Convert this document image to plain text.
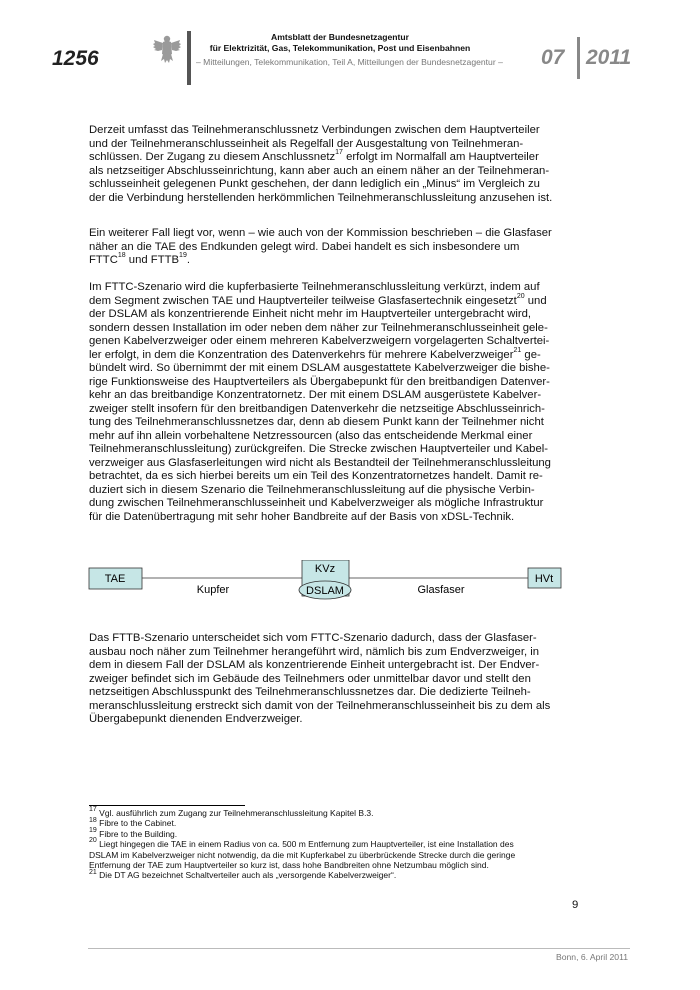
1256
Amtsblatt der Bundesnetzagentur
für Elektrizität, Gas, Telekommunikation, Post und Eisenbahnen
– Mitteilungen, Telekommunikation, Teil A, Mitteilungen der Bundesnetzagentur – 07 2011

Derzeit umfasst das Teilnehmeranschlussnetz Verbindungen zwischen dem Hauptverteiler

und der Teilnehmeranschlusseinheit als Regelfall der Ausgestaltung von Teilnehmeran-

schlüssen. Der Zugang zu diesem Anschlussnetz$^{17}$ erfolgt im Normalfall am Hauptverteiler

als netzseitiger Abschlusseinrichtung, kann aber auch an einem näher an der Teilnehmeran-

schlusseinheit gelegenen Punkt geschehen, der dann lediglich ein „Minus“ im Vergleich zu

der die Verbindung herstellenden herkömmlichen Teilnehmeranschlussleitung anzusehen ist.

Ein weiterer Fall liegt vor, wenn – wie auch von der Kommission beschrieben – die Glasfaser

näher an die TAE des Endkunden gelegt wird. Dabei handelt es sich insbesondere um

FTTC$^{18}$ und FTTB$^{19}$.

Im FTTC-Szenario wird die kupferbasierte Teilnehmeranschlussleitung verkürzt, indem auf

dem Segment zwischen TAE und Hauptverteiler teilweise Glasfasertechnik eingesetzt$^{20}$ und

der DSLAM als konzentrierende Einheit nicht mehr im Hauptverteiler untergebracht wird,

sondern dessen Installation im oder neben dem näher zur Teilnehmeranschlusseinheit gele-

genen Kabelverzweiger oder einem mehreren Kabelverzweigern vorgelagerten Schaltvertei-

ler erfolgt, in dem die Konzentration des Datenverkehrs für mehrere Kabelverzweiger$^{21}$ ge-

bündelt wird. So übernimmt der mit einem DSLAM ausgestattete Kabelverzweiger die bishe-

rige Funktionsweise des Hauptverteilers als Übergabepunkt für den breitbandigen Datenver-

kehr an das breitbandige Konzentratornetz. Der mit einem DSLAM ausgerüstete Kabelver-

zweiger stellt insofern für den breitbandigen Datenverkehr die netzseitige Abschlusseinrich-

tung des Teilnehmeranschlussnetzes dar, denn ab diesem Punkt kann der Teilnehmer nicht

mehr auf ihn allein vorbehaltene Netzressourcen (also das entscheidende Merkmal einer

Teilnehmeranschlussleitung) zurückgreifen. Die Strecke zwischen Hauptverteiler und Kabel-

verzweiger aus Glasfaserleitungen wird nicht als Bestandteil der Teilnehmeranschlussleitung

betrachtet, da es sich hierbei bereits um ein Teil des Konzentratornetzes handelt. Damit re-

duziert sich in diesem Szenario die Teilnehmeranschlussleitung auf die physische Verbin-

dung zwischen Teilnehmeranschlusseinheit und Kabelverzweiger als mögliche Infrastruktur

für die Datenübertragung mit sehr hoher Bandbreite auf der Basis von xDSL-Technik.

TAE
KVz
DSLAM
HVt
Kupfer	Glasfaser

Das FTTB-Szenario unterscheidet sich vom FTTC-Szenario dadurch, dass der Glasfaser-

ausbau noch näher zum Teilnehmer herangeführt wird, nämlich bis zum Endverzweiger, in

dem in diesem Fall der DSLAM als konzentrierende Einheit untergebracht ist. Der Endver-

zweiger befindet sich im Gebäude des Teilnehmers oder unmittelbar davor und stellt den

netzseitigen Abschlusspunkt des Teilnehmeranschlussnetzes dar. Die dedizierte Teilneh-

meranschlussleitung erstreckt sich damit von der Teilnehmeranschlusseinheit bis zu dem als

Übergabepunkt dienenden Endverzweiger.

$^{17}$ Vgl. ausführlich zum Zugang zur Teilnehmeranschlussleitung Kapitel B.3.

$^{18}$ Fibre to the Cabinet.

$^{19}$ Fibre to the Building.

$^{20}$ Liegt hingegen die TAE in einem Radius von ca. 500 m Entfernung zum Hauptverteiler, ist eine Installation des

DSLAM im Kabelverzweiger nicht notwendig, da die mit Kupferkabel zu überbrückende Strecke durch die geringe

Entfernung der TAE zum Hauptverteiler so kurz ist, dass hohe Bandbreiten ohne Netzumbau möglich sind.

$^{21}$ Die DT AG bezeichnet Schaltverteiler auch als „versorgende Kabelverzweiger“.

9
Bonn, 6. April 2011
